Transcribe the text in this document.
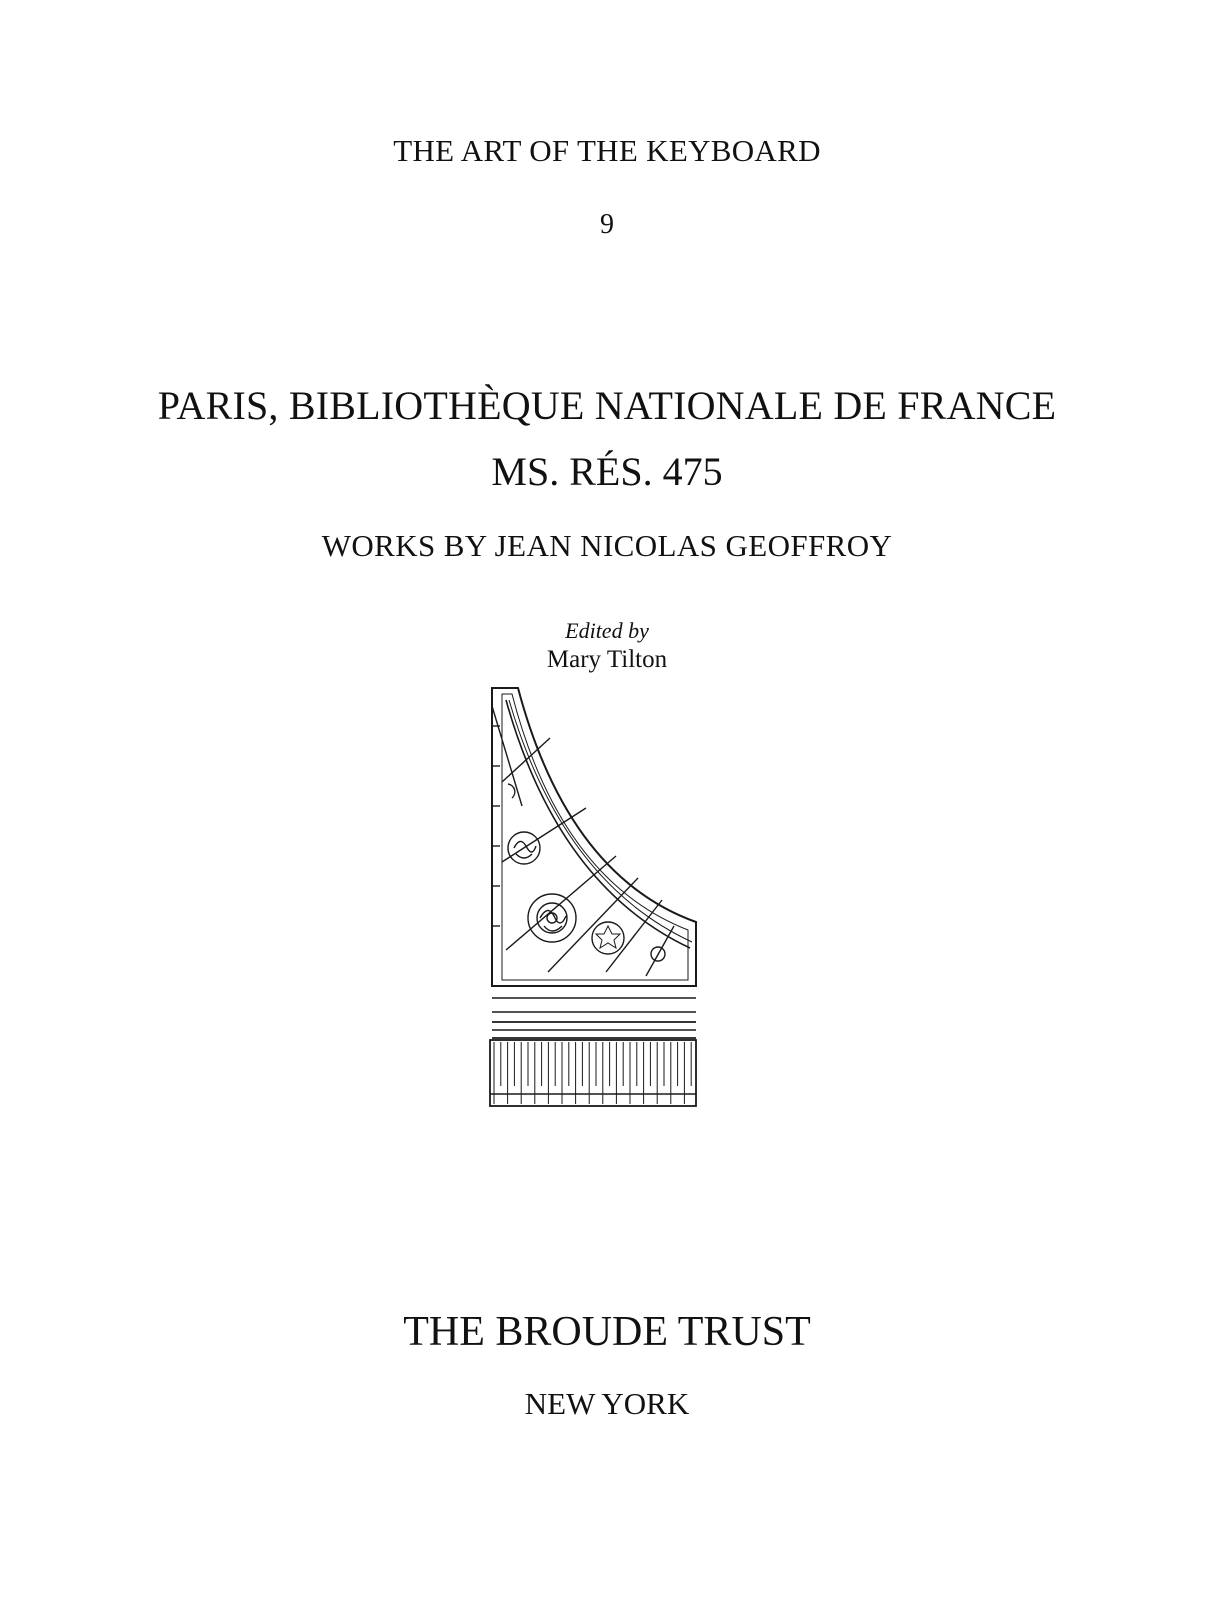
THE ART OF THE KEYBOARD
9
PARIS, BIBLIOTHÈQUE NATIONALE DE FRANCE
MS. RÉS. 475
WORKS BY JEAN NICOLAS GEOFFROY
Edited by
Mary Tilton
THE BROUDE TRUST
NEW YORK
